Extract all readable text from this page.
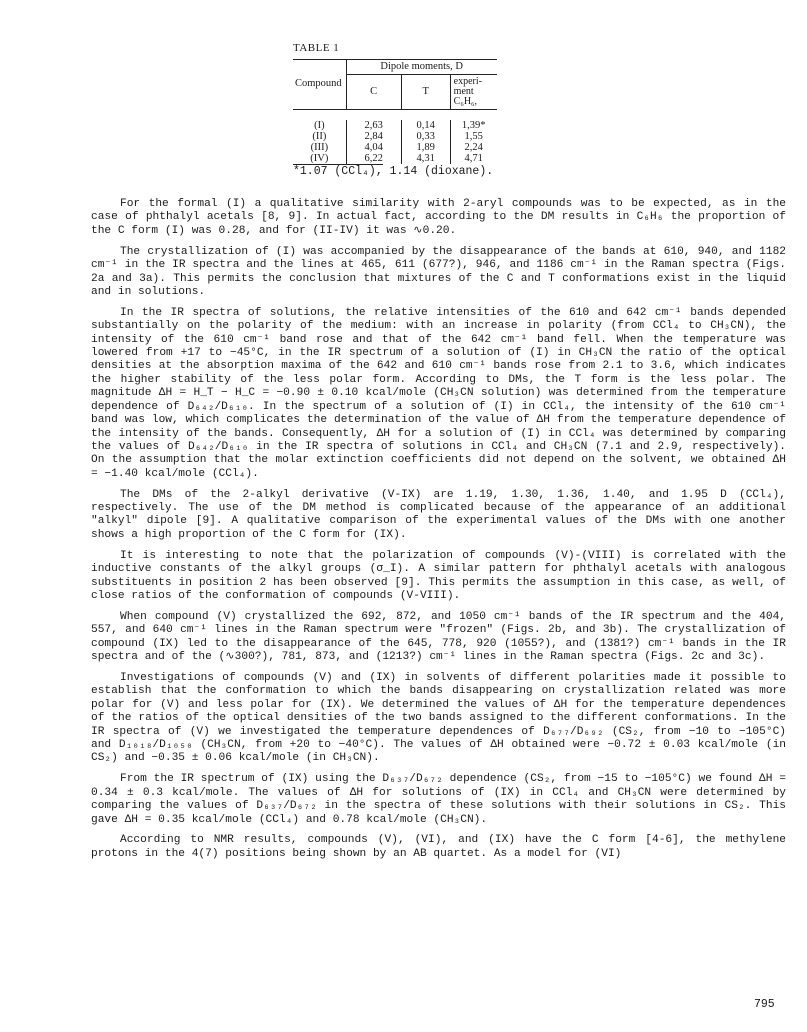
TABLE 1
Compound	Dipole moments, D		
	C	T	experi-ment C₆H₆,

(I)	2,63	0,14	1,39*
(II)	2,84	0,33	1,55
(III)	4,04	1,89	2,24
(IV)	6,22	4,31	4,71
*1.07 (CCl₄), 1.14 (dioxane).

For the formal (I) a qualitative similarity with 2-aryl compounds was to be expected, as in the case of phthalyl acetals [8, 9]. In actual fact, according to the DM results in C₆H₆ the proportion of the C form (I) was 0.28, and for (II-IV) it was ∿0.20.

The crystallization of (I) was accompanied by the disappearance of the bands at 610, 940, and 1182 cm⁻¹ in the IR spectra and the lines at 465, 611 (677?), 946, and 1186 cm⁻¹ in the Raman spectra (Figs. 2a and 3a). This permits the conclusion that mixtures of the C and T conformations exist in the liquid and in solutions.

In the IR spectra of solutions, the relative intensities of the 610 and 642 cm⁻¹ bands depended substantially on the polarity of the medium: with an increase in polarity (from CCl₄ to CH₃CN), the intensity of the 610 cm⁻¹ band rose and that of the 642 cm⁻¹ band fell. When the temperature was lowered from +17 to −45°C, in the IR spectrum of a solution of (I) in CH₃CN the ratio of the optical densities at the absorption maxima of the 642 and 610 cm⁻¹ bands rose from 2.1 to 3.6, which indicates the higher stability of the less polar form. According to DMs, the T form is the less polar. The magnitude ΔH = H_T − H_C = −0.90 ± 0.10 kcal/mole (CH₃CN solution) was determined from the temperature dependence of D₆₄₂/D₆₁₀. In the spectrum of a solution of (I) in CCl₄, the intensity of the 610 cm⁻¹ band was low, which complicates the determination of the value of ΔH from the temperature dependence of the intensity of the bands. Consequently, ΔH for a solution of (I) in CCl₄ was determined by comparing the values of D₆₄₂/D₆₁₀ in the IR spectra of solutions in CCl₄ and CH₃CN (7.1 and 2.9, respectively). On the assumption that the molar extinction coefficients did not depend on the solvent, we obtained ΔH = −1.40 kcal/mole (CCl₄).

The DMs of the 2-alkyl derivative (V-IX) are 1.19, 1.30, 1.36, 1.40, and 1.95 D (CCl₄), respectively. The use of the DM method is complicated because of the appearance of an additional "alkyl" dipole [9]. A qualitative comparison of the experimental values of the DMs with one another shows a high proportion of the C form for (IX).

It is interesting to note that the polarization of compounds (V)-(VIII) is correlated with the inductive constants of the alkyl groups (σ_I). A similar pattern for phthalyl acetals with analogous substituents in position 2 has been observed [9]. This permits the assumption in this case, as well, of close ratios of the conformation of compounds (V-VIII).

When compound (V) crystallized the 692, 872, and 1050 cm⁻¹ bands of the IR spectrum and the 404, 557, and 640 cm⁻¹ lines in the Raman spectrum were "frozen" (Figs. 2b, and 3b). The crystallization of compound (IX) led to the disappearance of the 645, 778, 920 (1055?), and (1381?) cm⁻¹ bands in the IR spectra and of the (∿300?), 781, 873, and (1213?) cm⁻¹ lines in the Raman spectra (Figs. 2c and 3c).

Investigations of compounds (V) and (IX) in solvents of different polarities made it possible to establish that the conformation to which the bands disappearing on crystallization related was more polar for (V) and less polar for (IX). We determined the values of ΔH for the temperature dependences of the ratios of the optical densities of the two bands assigned to the different conformations. In the IR spectra of (V) we investigated the temperature dependences of D₆₇₇/D₆₉₂ (CS₂, from −10 to −105°C) and D₁₀₁₈/D₁₀₅₀ (CH₃CN, from +20 to −40°C). The values of ΔH obtained were −0.72 ± 0.03 kcal/mole (in CS₂) and −0.35 ± 0.06 kcal/mole (in CH₃CN).

From the IR spectrum of (IX) using the D₆₃₇/D₆₇₂ dependence (CS₂, from −15 to −105°C) we found ΔH = 0.34 ± 0.3 kcal/mole. The values of ΔH for solutions of (IX) in CCl₄ and CH₃CN were determined by comparing the values of D₆₃₇/D₆₇₂ in the spectra of these solutions with their solutions in CS₂. This gave ΔH = 0.35 kcal/mole (CCl₄) and 0.78 kcal/mole (CH₃CN).

According to NMR results, compounds (V), (VI), and (IX) have the C form [4-6], the methylene protons in the 4(7) positions being shown by an AB quartet. As a model for (VI)

795
